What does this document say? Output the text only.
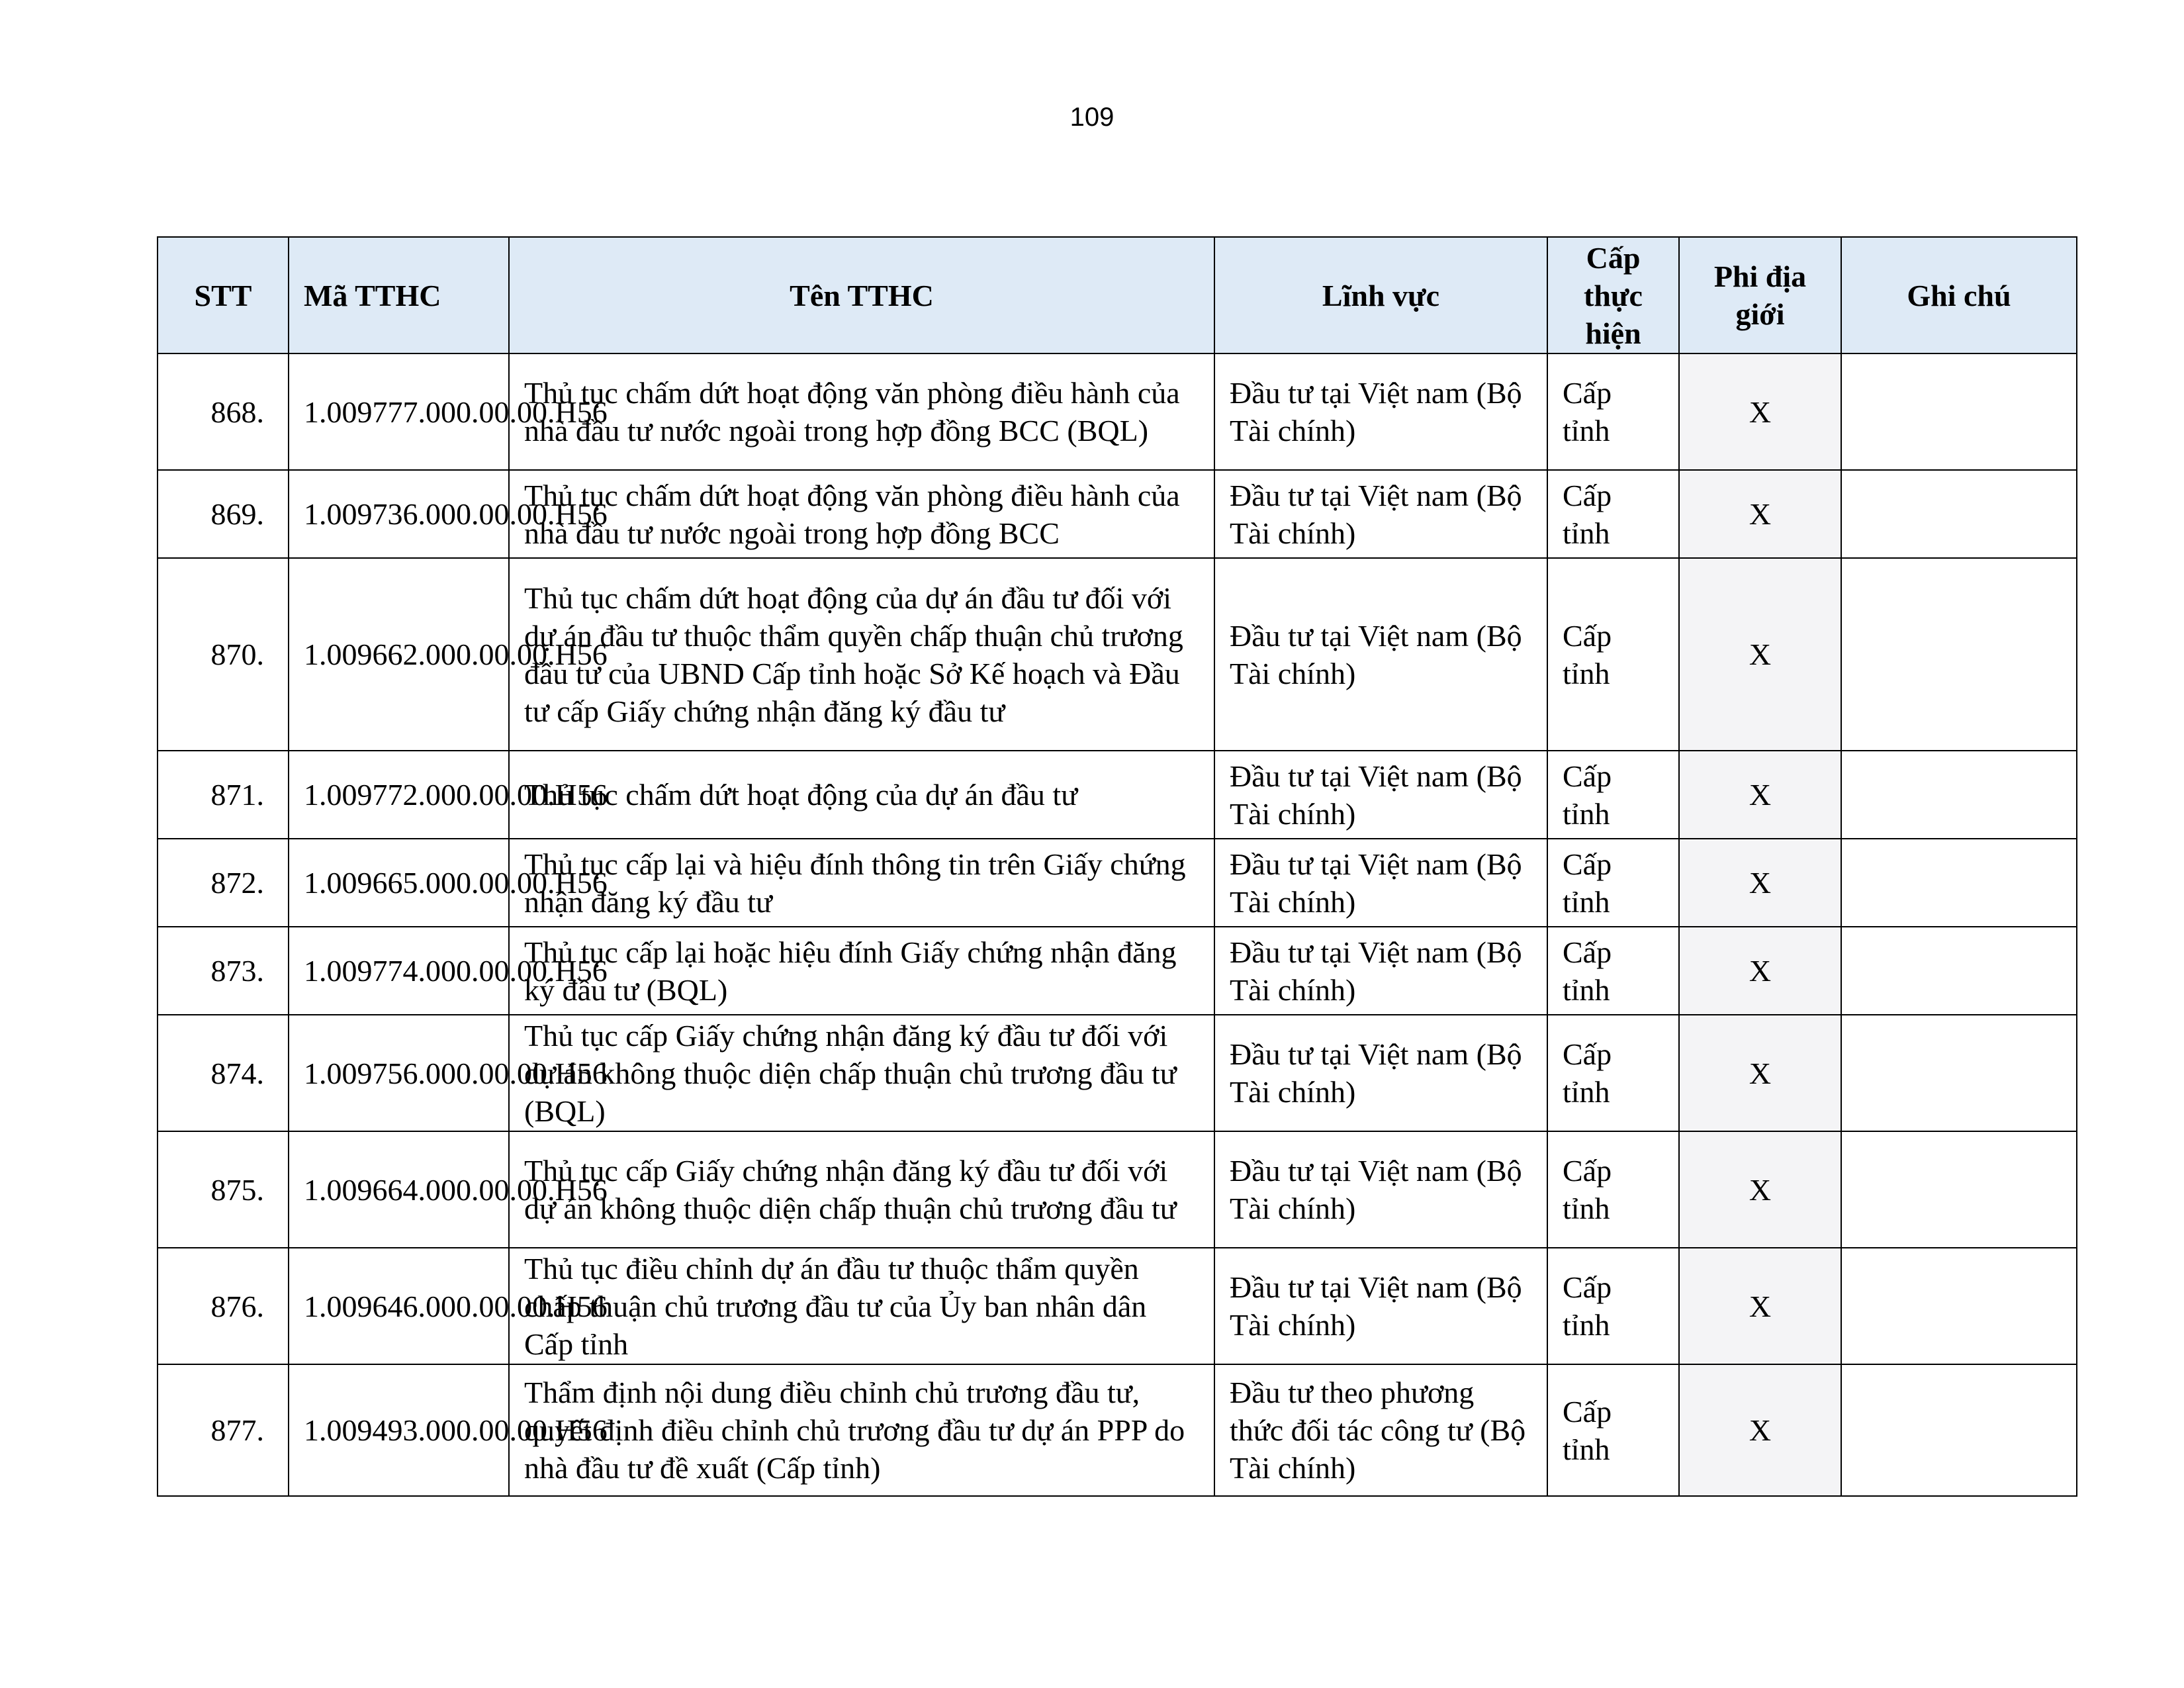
109
STT	Mã TTHC	Tên TTHC	Lĩnh vực	Cấp thực hiện	Phi địa giới	Ghi chú
868.	1.009777.000.00.00.H56	Thủ tục chấm dứt hoạt động văn phòng điều hành của nhà đầu tư nước ngoài trong hợp đồng BCC (BQL)	Đầu tư tại Việt nam (Bộ Tài chính)	Cấp tỉnh	X	
869.	1.009736.000.00.00.H56	Thủ tục chấm dứt hoạt động văn phòng điều hành của nhà đầu tư nước ngoài trong hợp đồng BCC	Đầu tư tại Việt nam (Bộ Tài chính)	Cấp tỉnh	X	
870.	1.009662.000.00.00.H56	Thủ tục chấm dứt hoạt động của dự án đầu tư đối với dự án đầu tư thuộc thẩm quyền chấp thuận chủ trương đầu tư của UBND Cấp tỉnh hoặc Sở Kế hoạch và Đầu tư cấp Giấy chứng nhận đăng ký đầu tư	Đầu tư tại Việt nam (Bộ Tài chính)	Cấp tỉnh	X	
871.	1.009772.000.00.00.H56	Thủ tục chấm dứt hoạt động của dự án đầu tư	Đầu tư tại Việt nam (Bộ Tài chính)	Cấp tỉnh	X	
872.	1.009665.000.00.00.H56	Thủ tục cấp lại và hiệu đính thông tin trên Giấy chứng nhận đăng ký đầu tư	Đầu tư tại Việt nam (Bộ Tài chính)	Cấp tỉnh	X	
873.	1.009774.000.00.00.H56	Thủ tục cấp lại hoặc hiệu đính Giấy chứng nhận đăng ký đầu tư (BQL)	Đầu tư tại Việt nam (Bộ Tài chính)	Cấp tỉnh	X	
874.	1.009756.000.00.00.H56	Thủ tục cấp Giấy chứng nhận đăng ký đầu tư đối với dự án không thuộc diện chấp thuận chủ trương đầu tư (BQL)	Đầu tư tại Việt nam (Bộ Tài chính)	Cấp tỉnh	X	
875.	1.009664.000.00.00.H56	Thủ tục cấp Giấy chứng nhận đăng ký đầu tư đối với dự án không thuộc diện chấp thuận chủ trương đầu tư	Đầu tư tại Việt nam (Bộ Tài chính)	Cấp tỉnh	X	
876.	1.009646.000.00.00.H56	Thủ tục điều chỉnh dự án đầu tư thuộc thẩm quyền chấp thuận chủ trương đầu tư của Ủy ban nhân dân Cấp tỉnh	Đầu tư tại Việt nam (Bộ Tài chính)	Cấp tỉnh	X	
877.	1.009493.000.00.00.H56	Thẩm định nội dung điều chỉnh chủ trương đầu tư, quyết định điều chỉnh chủ trương đầu tư dự án PPP do nhà đầu tư đề xuất (Cấp tỉnh)	Đầu tư theo phương thức đối tác công tư (Bộ Tài chính)	Cấp tỉnh	X	
